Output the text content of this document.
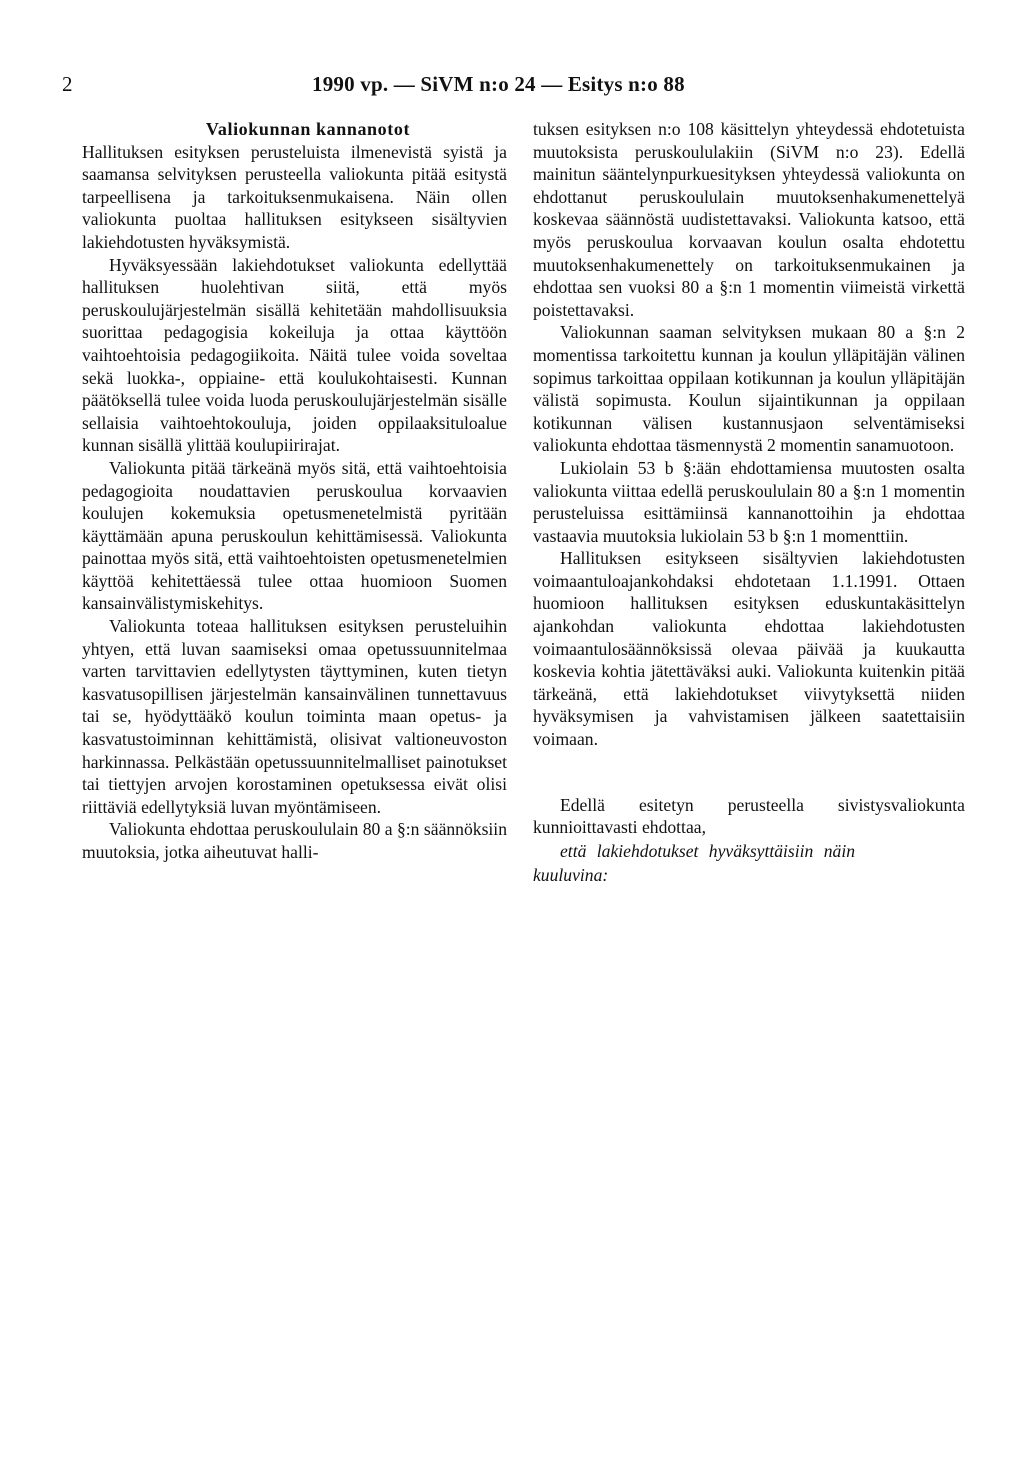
2	1990 vp. — SiVM n:o 24 — Esitys n:o 88

Valiokunnan kannanotot

Hallituksen esityksen perusteluista ilmenevistä syistä ja saamansa selvityksen perusteella valiokunta pitää esitystä tarpeellisena ja tarkoituksenmukaisena. Näin ollen valiokunta puoltaa hallituksen esitykseen sisältyvien lakiehdotusten hyväksymistä.

Hyväksyessään lakiehdotukset valiokunta edellyttää hallituksen huolehtivan siitä, että myös peruskoulujärjestelmän sisällä kehitetään mahdollisuuksia suorittaa pedagogisia kokeiluja ja ottaa käyttöön vaihtoehtoisia pedagogiikoita. Näitä tulee voida soveltaa sekä luokka-, oppiaine- että koulukohtaisesti. Kunnan päätöksellä tulee voida luoda peruskoulujärjestelmän sisälle sellaisia vaihtoehtokouluja, joiden oppilaaksituloalue kunnan sisällä ylittää koulupiirirajat.

Valiokunta pitää tärkeänä myös sitä, että vaihtoehtoisia pedagogioita noudattavien peruskoulua korvaavien koulujen kokemuksia opetusmenetelmistä pyritään käyttämään apuna peruskoulun kehittämisessä. Valiokunta painottaa myös sitä, että vaihtoehtoisten opetusmenetelmien käyttöä kehitettäessä tulee ottaa huomioon Suomen kansainvälistymiskehitys.

Valiokunta toteaa hallituksen esityksen perusteluihin yhtyen, että luvan saamiseksi omaa opetussuunnitelmaa varten tarvittavien edellytysten täyttyminen, kuten tietyn kasvatusopillisen järjestelmän kansainvälinen tunnettavuus tai se, hyödyttääkö koulun toiminta maan opetus- ja kasvatustoiminnan kehittämistä, olisivat valtioneuvoston harkinnassa. Pelkästään opetussuunnitelmalliset painotukset tai tiettyjen arvojen korostaminen opetuksessa eivät olisi riittäviä edellytyksiä luvan myöntämiseen.

Valiokunta ehdottaa peruskoululain 80 a §:n säännöksiin muutoksia, jotka aiheutuvat halli-

tuksen esityksen n:o 108 käsittelyn yhteydessä ehdotetuista muutoksista peruskoululakiin (SiVM n:o 23). Edellä mainitun sääntelynpurkuesityksen yhteydessä valiokunta on ehdottanut peruskoululain muutoksenhakumenettelyä koskevaa säännöstä uudistettavaksi. Valiokunta katsoo, että myös peruskoulua korvaavan koulun osalta ehdotettu muutoksenhakumenettely on tarkoituksenmukainen ja ehdottaa sen vuoksi 80 a §:n 1 momentin viimeistä virkettä poistettavaksi.

Valiokunnan saaman selvityksen mukaan 80 a §:n 2 momentissa tarkoitettu kunnan ja koulun ylläpitäjän välinen sopimus tarkoittaa oppilaan kotikunnan ja koulun ylläpitäjän välistä sopimusta. Koulun sijaintikunnan ja oppilaan kotikunnan välisen kustannusjaon selventämiseksi valiokunta ehdottaa täsmennystä 2 momentin sanamuotoon.

Lukiolain 53 b §:ään ehdottamiensa muutosten osalta valiokunta viittaa edellä peruskoululain 80 a §:n 1 momentin perusteluissa esittämiinsä kannanottoihin ja ehdottaa vastaavia muutoksia lukiolain 53 b §:n 1 momenttiin.

Hallituksen esitykseen sisältyvien lakiehdotusten voimaantuloajankohdaksi ehdotetaan 1.1.1991. Ottaen huomioon hallituksen esityksen eduskuntakäsittelyn ajankohdan valiokunta ehdottaa lakiehdotusten voimaantulosäännöksissä olevaa päivää ja kuukautta koskevia kohtia jätettäväksi auki. Valiokunta kuitenkin pitää tärkeänä, että lakiehdotukset viivytyksettä niiden hyväksymisen ja vahvistamisen jälkeen saatettaisiin voimaan.

Edellä esitetyn perusteella sivistysvaliokunta kunnioittavasti ehdottaa,

että lakiehdotukset hyväksyttäisiin näin kuuluvina:
